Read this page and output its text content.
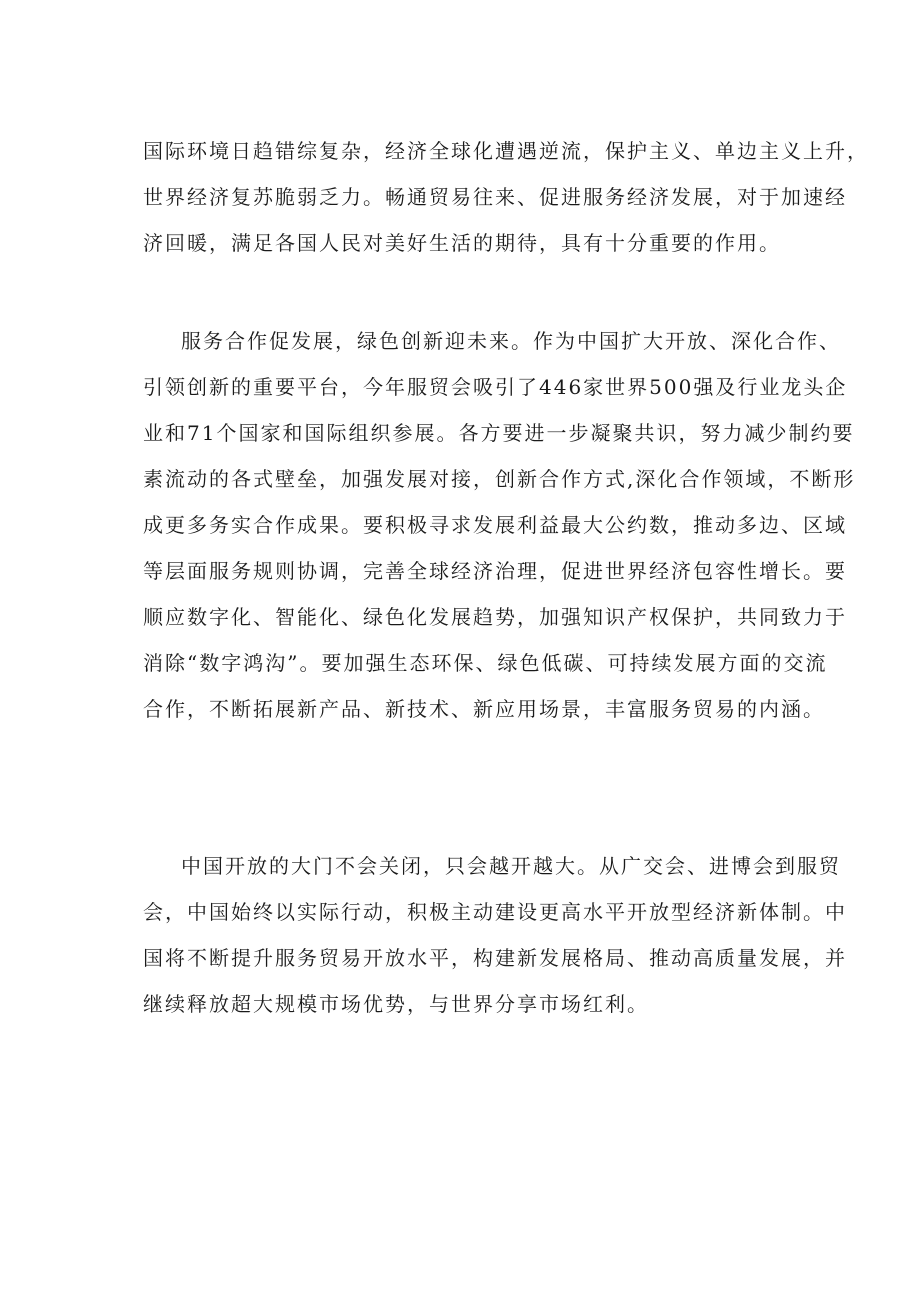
国际环境日趋错综复杂，经济全球化遭遇逆流，保护主义、单边主义上升，
世界经济复苏脆弱乏力。畅通贸易往来、促进服务经济发展，对于加速经
济回暖，满足各国人民对美好生活的期待，具有十分重要的作用。
服务合作促发展，绿色创新迎未来。作为中国扩大开放、深化合作、
引领创新的重要平台，今年服贸会吸引了446家世界500强及行业龙头企
业和71个国家和国际组织参展。各方要进一步凝聚共识，努力减少制约要
素流动的各式壁垒，加强发展对接，创新合作方式,深化合作领域，不断形
成更多务实合作成果。要积极寻求发展利益最大公约数，推动多边、区域
等层面服务规则协调，完善全球经济治理，促进世界经济包容性增长。要
顺应数字化、智能化、绿色化发展趋势，加强知识产权保护，共同致力于
消除“数字鸿沟”。要加强生态环保、绿色低碳、可持续发展方面的交流
合作，不断拓展新产品、新技术、新应用场景，丰富服务贸易的内涵。
中国开放的大门不会关闭，只会越开越大。从广交会、进博会到服贸
会，中国始终以实际行动，积极主动建设更高水平开放型经济新体制。中
国将不断提升服务贸易开放水平，构建新发展格局、推动高质量发展，并
继续释放超大规模市场优势，与世界分享市场红利。
